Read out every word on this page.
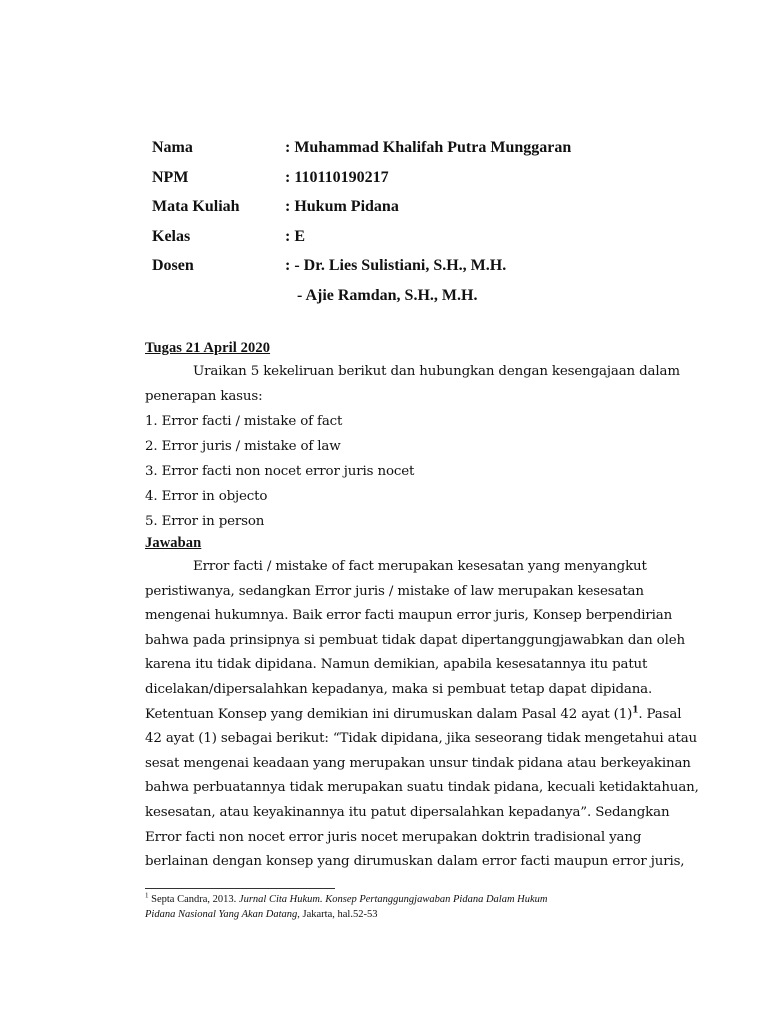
Nama	: Muhammad Khalifah Putra Munggaran
NPM	: 110110190217
Mata Kuliah	: Hukum Pidana
Kelas	: E
Dosen	: - Dr. Lies Sulistiani, S.H., M.H.
- Ajie Ramdan, S.H., M.H.
Tugas 21 April 2020
Uraikan 5 kekeliruan berikut dan hubungkan dengan kesengajaan dalam
penerapan kasus:
1. Error facti / mistake of fact
2. Error juris / mistake of law
3. Error facti non nocet error juris nocet
4. Error in objecto
5. Error in person
Jawaban
Error facti / mistake of fact merupakan kesesatan yang menyangkut
peristiwanya, sedangkan Error juris / mistake of law merupakan kesesatan
mengenai hukumnya. Baik error facti maupun error juris, Konsep berpendirian
bahwa pada prinsipnya si pembuat tidak dapat dipertanggungjawabkan dan oleh
karena itu tidak dipidana. Namun demikian, apabila kesesatannya itu patut
dicelakan/dipersalahkan kepadanya, maka si pembuat tetap dapat dipidana.
Ketentuan Konsep yang demikian ini dirumuskan dalam Pasal 42 ayat (1)$^1$. Pasal
42 ayat (1) sebagai berikut: “Tidak dipidana, jika seseorang tidak mengetahui atau
sesat mengenai keadaan yang merupakan unsur tindak pidana atau berkeyakinan
bahwa perbuatannya tidak merupakan suatu tindak pidana, kecuali ketidaktahuan,
kesesatan, atau keyakinannya itu patut dipersalahkan kepadanya”. Sedangkan
Error facti non nocet error juris nocet merupakan doktrin tradisional yang
berlainan dengan konsep yang dirumuskan dalam error facti maupun error juris,
$^1$ Septa Candra, 2013. Jurnal Cita Hukum. Konsep Pertanggungjawaban Pidana Dalam Hukum
Pidana Nasional Yang Akan Datang, Jakarta, hal.52-53
